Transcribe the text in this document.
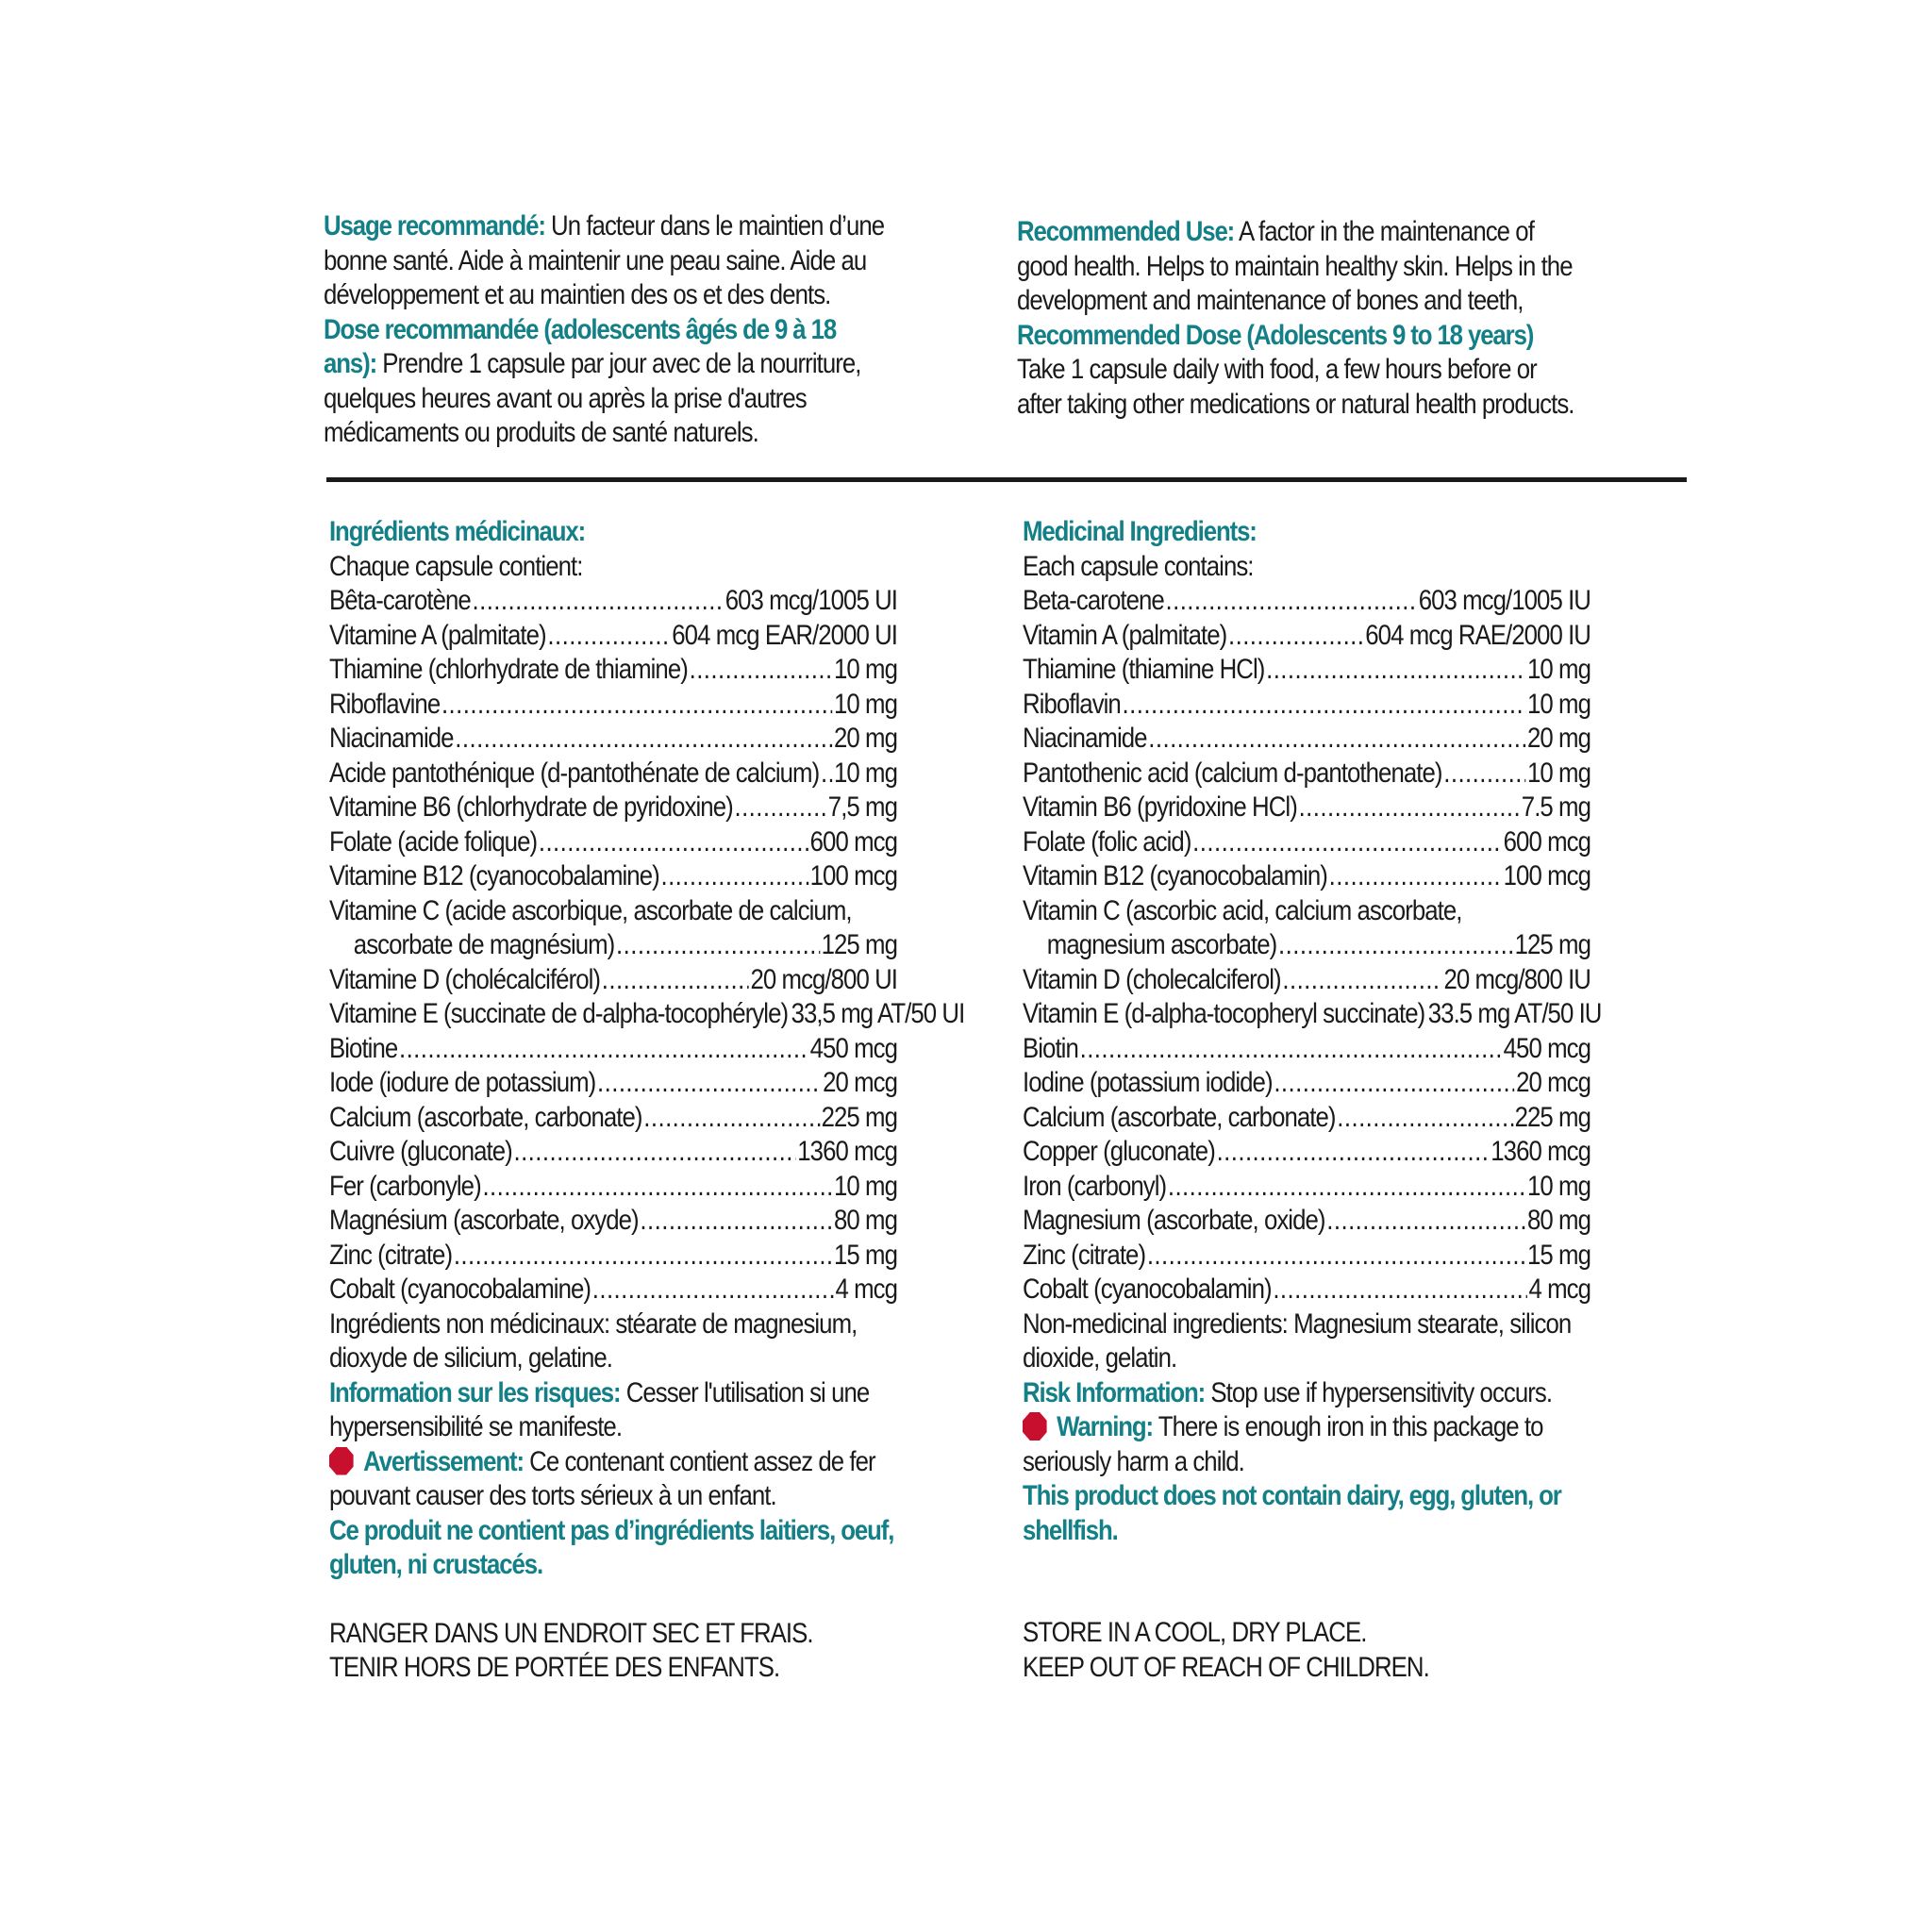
Usage recommandé: Un facteur dans le maintien d’une bonne santé. Aide à maintenir une peau saine. Aide au développement et au maintien des os et des dents.

Dose recommandée (adolescents âgés de 9 à 18 ans): Prendre 1 capsule par jour avec de la nourriture, quelques heures avant ou après la prise d'autres médicaments ou produits de santé naturels.

Recommended Use: A factor in the maintenance of good health. Helps to maintain healthy skin. Helps in the development and maintenance of bones and teeth,

Recommended Dose (Adolescents 9 to 18 years) Take 1 capsule daily with food, a few hours before or after taking other medications or natural health products.

Ingrédients médicinaux:

Chaque capsule contient:

Bêta-carotène .....	603 mcg/1005 UI
Vitamine A (palmitate) .....	604 mcg EAR/2000 UI
Thiamine (chlorhydrate de thiamine) .....	10 mg
Riboflavine .....	10 mg
Niacinamide .....	20 mg
Acide pantothénique (d-pantothénate de calcium) ..... 10 mg
Vitamine B6 (chlorhydrate de pyridoxine) .....	7,5 mg
Folate (acide folique) .....	600 mcg
Vitamine B12 (cyanocobalamine) .....	100 mcg
Vitamine C (acide ascorbique, ascorbate de calcium,
ascorbate de magnésium) .....	125 mg
Vitamine D (cholécalciférol) .....	20 mcg/800 UI
Vitamine E (succinate de d-alpha-tocophéryle) 33,5 mg AT/50 UI
Biotine .....	450 mcg
Iode (iodure de potassium) .....	20 mcg
Calcium (ascorbate, carbonate) .....	225 mg
Cuivre (gluconate) .....	1360 mcg
Fer (carbonyle) .....	10 mg
Magnésium (ascorbate, oxyde) .....	80 mg
Zinc (citrate) .....	15 mg
Cobalt (cyanocobalamine) .....	4 mcg

Ingrédients non médicinaux: stéarate de magnesium, dioxyde de silicium, gelatine.

Information sur les risques: Cesser l'utilisation si une hypersensibilité se manifeste.

Avertissement: Ce contenant contient assez de fer pouvant causer des torts sérieux à un enfant.

Ce produit ne contient pas d’ingrédients laitiers, oeuf, gluten, ni crustacés.

RANGER DANS UN ENDROIT SEC ET FRAIS.

TENIR HORS DE PORTÉE DES ENFANTS.

Medicinal Ingredients:

Each capsule contains:

Beta-carotene .....	603 mcg/1005 IU
Vitamin A (palmitate) .....	604 mcg RAE/2000 IU
Thiamine (thiamine HCl) .....	10 mg
Riboflavin .....	10 mg
Niacinamide .....	20 mg
Pantothenic acid (calcium d-pantothenate) .....	10 mg
Vitamin B6 (pyridoxine HCl) .....	7.5 mg
Folate (folic acid) .....	600 mcg
Vitamin B12 (cyanocobalamin) .....	100 mcg
Vitamin C (ascorbic acid, calcium ascorbate,
magnesium ascorbate) .....	125 mg
Vitamin D (cholecalciferol) .....	20 mcg/800 IU
Vitamin E (d-alpha-tocopheryl succinate) 33.5 mg AT/50 IU
Biotin .....	450 mcg
Iodine (potassium iodide) .....	20 mcg
Calcium (ascorbate, carbonate) .....	225 mg
Copper (gluconate) .....	1360 mcg
Iron (carbonyl) .....	10 mg
Magnesium (ascorbate, oxide) .....	80 mg
Zinc (citrate) .....	15 mg
Cobalt (cyanocobalamin) .....	4 mcg

Non-medicinal ingredients: Magnesium stearate, silicon dioxide, gelatin.

Risk Information: Stop use if hypersensitivity occurs.

Warning: There is enough iron in this package to seriously harm a child.

This product does not contain dairy, egg, gluten, or shellfish.

STORE IN A COOL, DRY PLACE.

KEEP OUT OF REACH OF CHILDREN.
